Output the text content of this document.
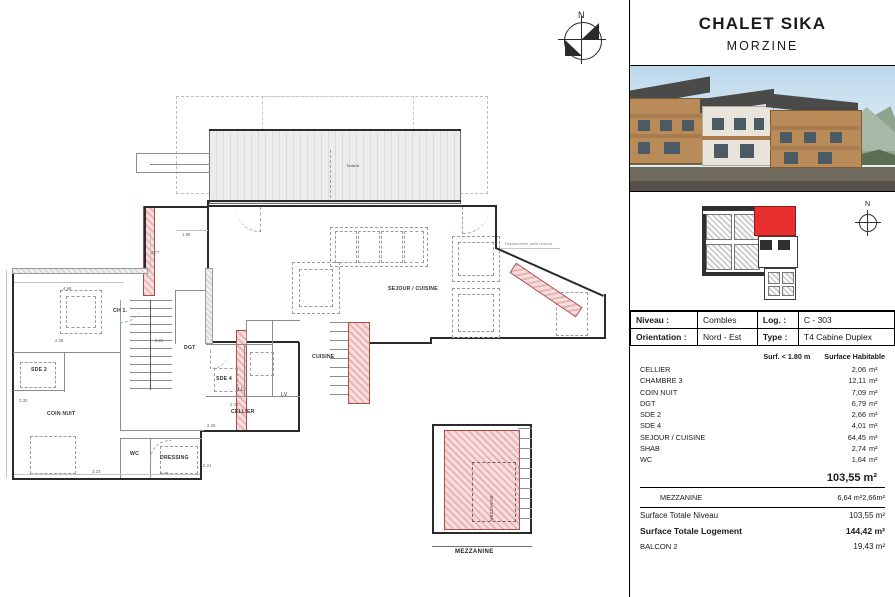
N
Toiture
SEJOUR / CUISINE
Déplacement palle relevés
COIN NUIT
DRESSING
CELLIER
DGT
SDE 2
SDE 4
WC
CH 1.
CUISINE
LV
LL
4.98
2.35
3.30
2.21
2.25
2.34
1.89
2.77
3.23
2.21
MEZZANINE
MEZZANINE
CHALET SIKA
MORZINE
N
Niveau :	Combles	Log. :	C - 303
Orientation :	Nord - Est	Type :	T4 Cabine Duplex
Surf. < 1.80 m Surface Habitable
CELLIER	2,06 m²
CHAMBRE 3	12,11 m²
COIN NUIT	7,09 m²
DGT	6,79 m²
SDE 2	2,66 m²
SDE 4	4,01 m²
SEJOUR / CUISINE	64,45 m²
SHAB	2,74 m²
WC	1,64 m²
103,55 m²
MEZZANINE	6,64 m² 2,66 m²
Surface Totale Niveau	103,55 m²
Surface Totale Logement	144,42 m²
BALCON 2	19,43 m²
